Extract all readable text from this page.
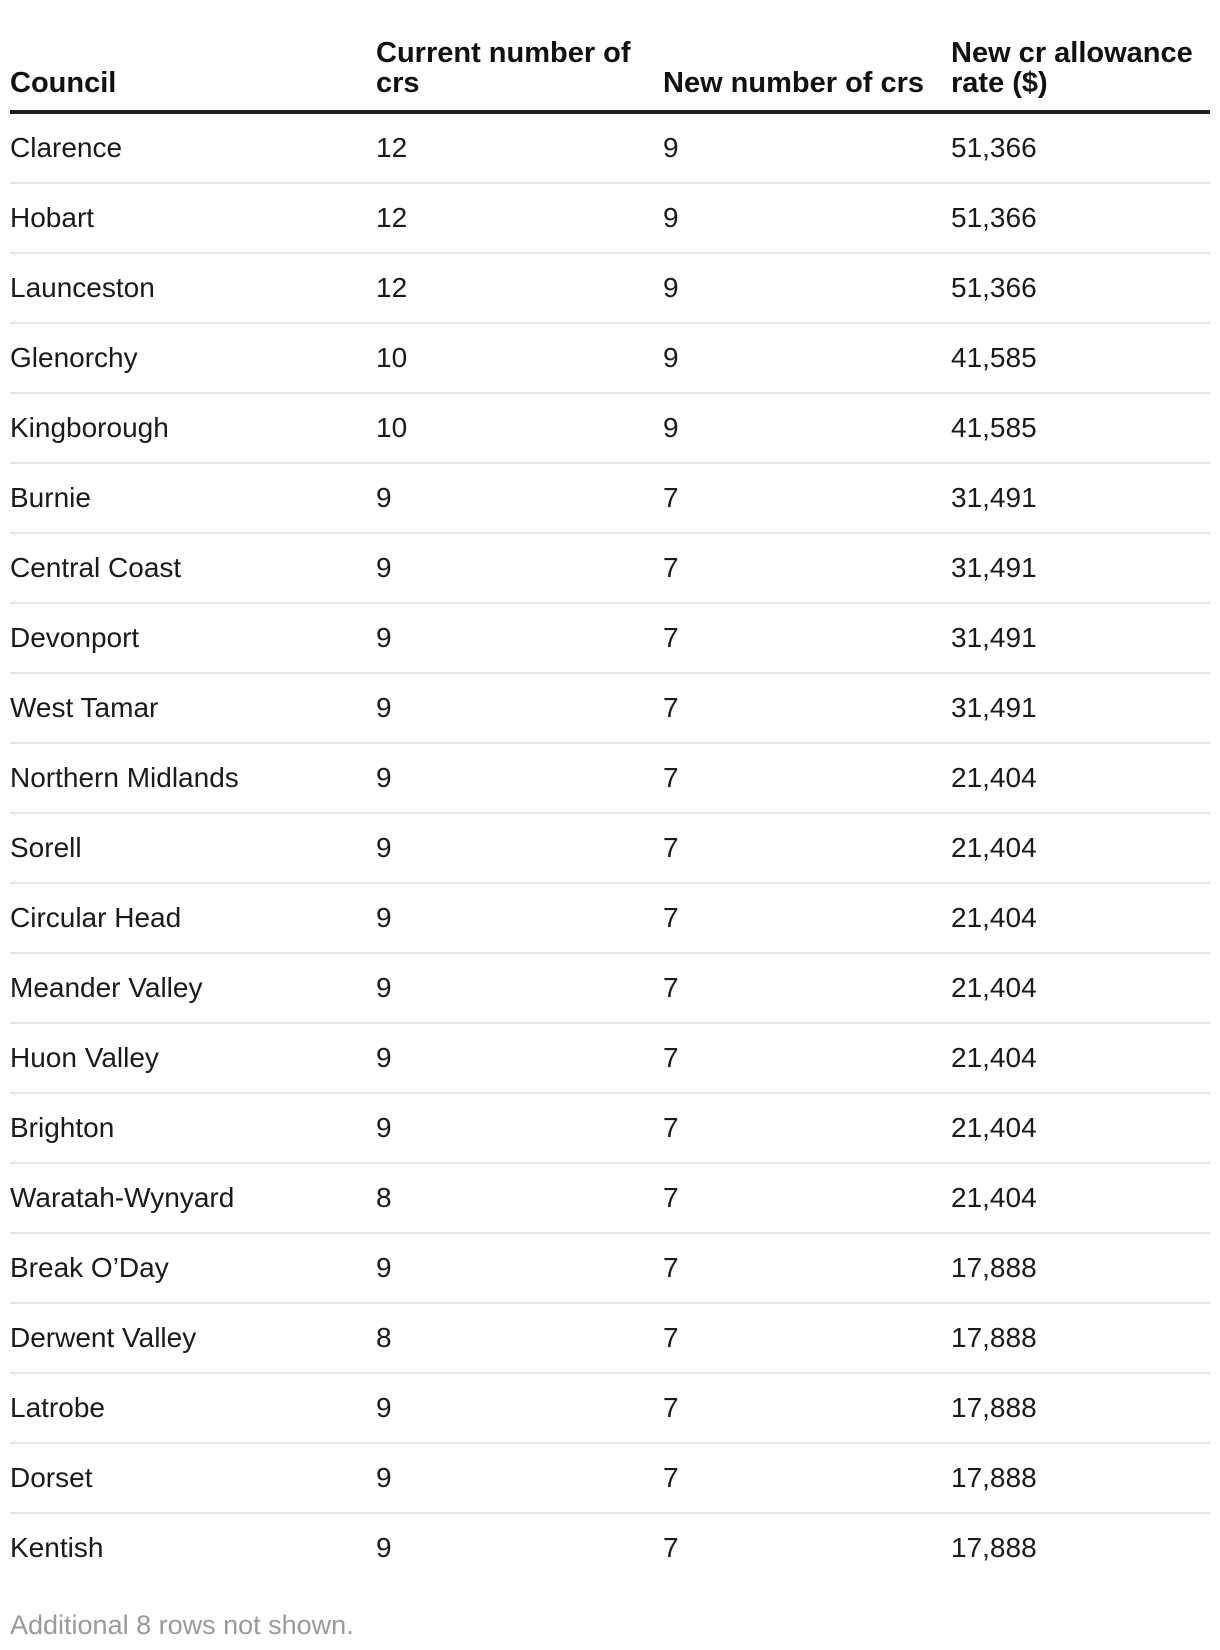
Council	Current number of crs	New number of crs	New cr allowance rate ($)
Clarence	12	9	51,366
Hobart	12	9	51,366
Launceston	12	9	51,366
Glenorchy	10	9	41,585
Kingborough	10	9	41,585
Burnie	9	7	31,491
Central Coast	9	7	31,491
Devonport	9	7	31,491
West Tamar	9	7	31,491
Northern Midlands	9	7	21,404
Sorell	9	7	21,404
Circular Head	9	7	21,404
Meander Valley	9	7	21,404
Huon Valley	9	7	21,404
Brighton	9	7	21,404
Waratah-Wynyard	8	7	21,404
Break O’Day	9	7	17,888
Derwent Valley	8	7	17,888
Latrobe	9	7	17,888
Dorset	9	7	17,888
Kentish	9	7	17,888
Additional 8 rows not shown.
